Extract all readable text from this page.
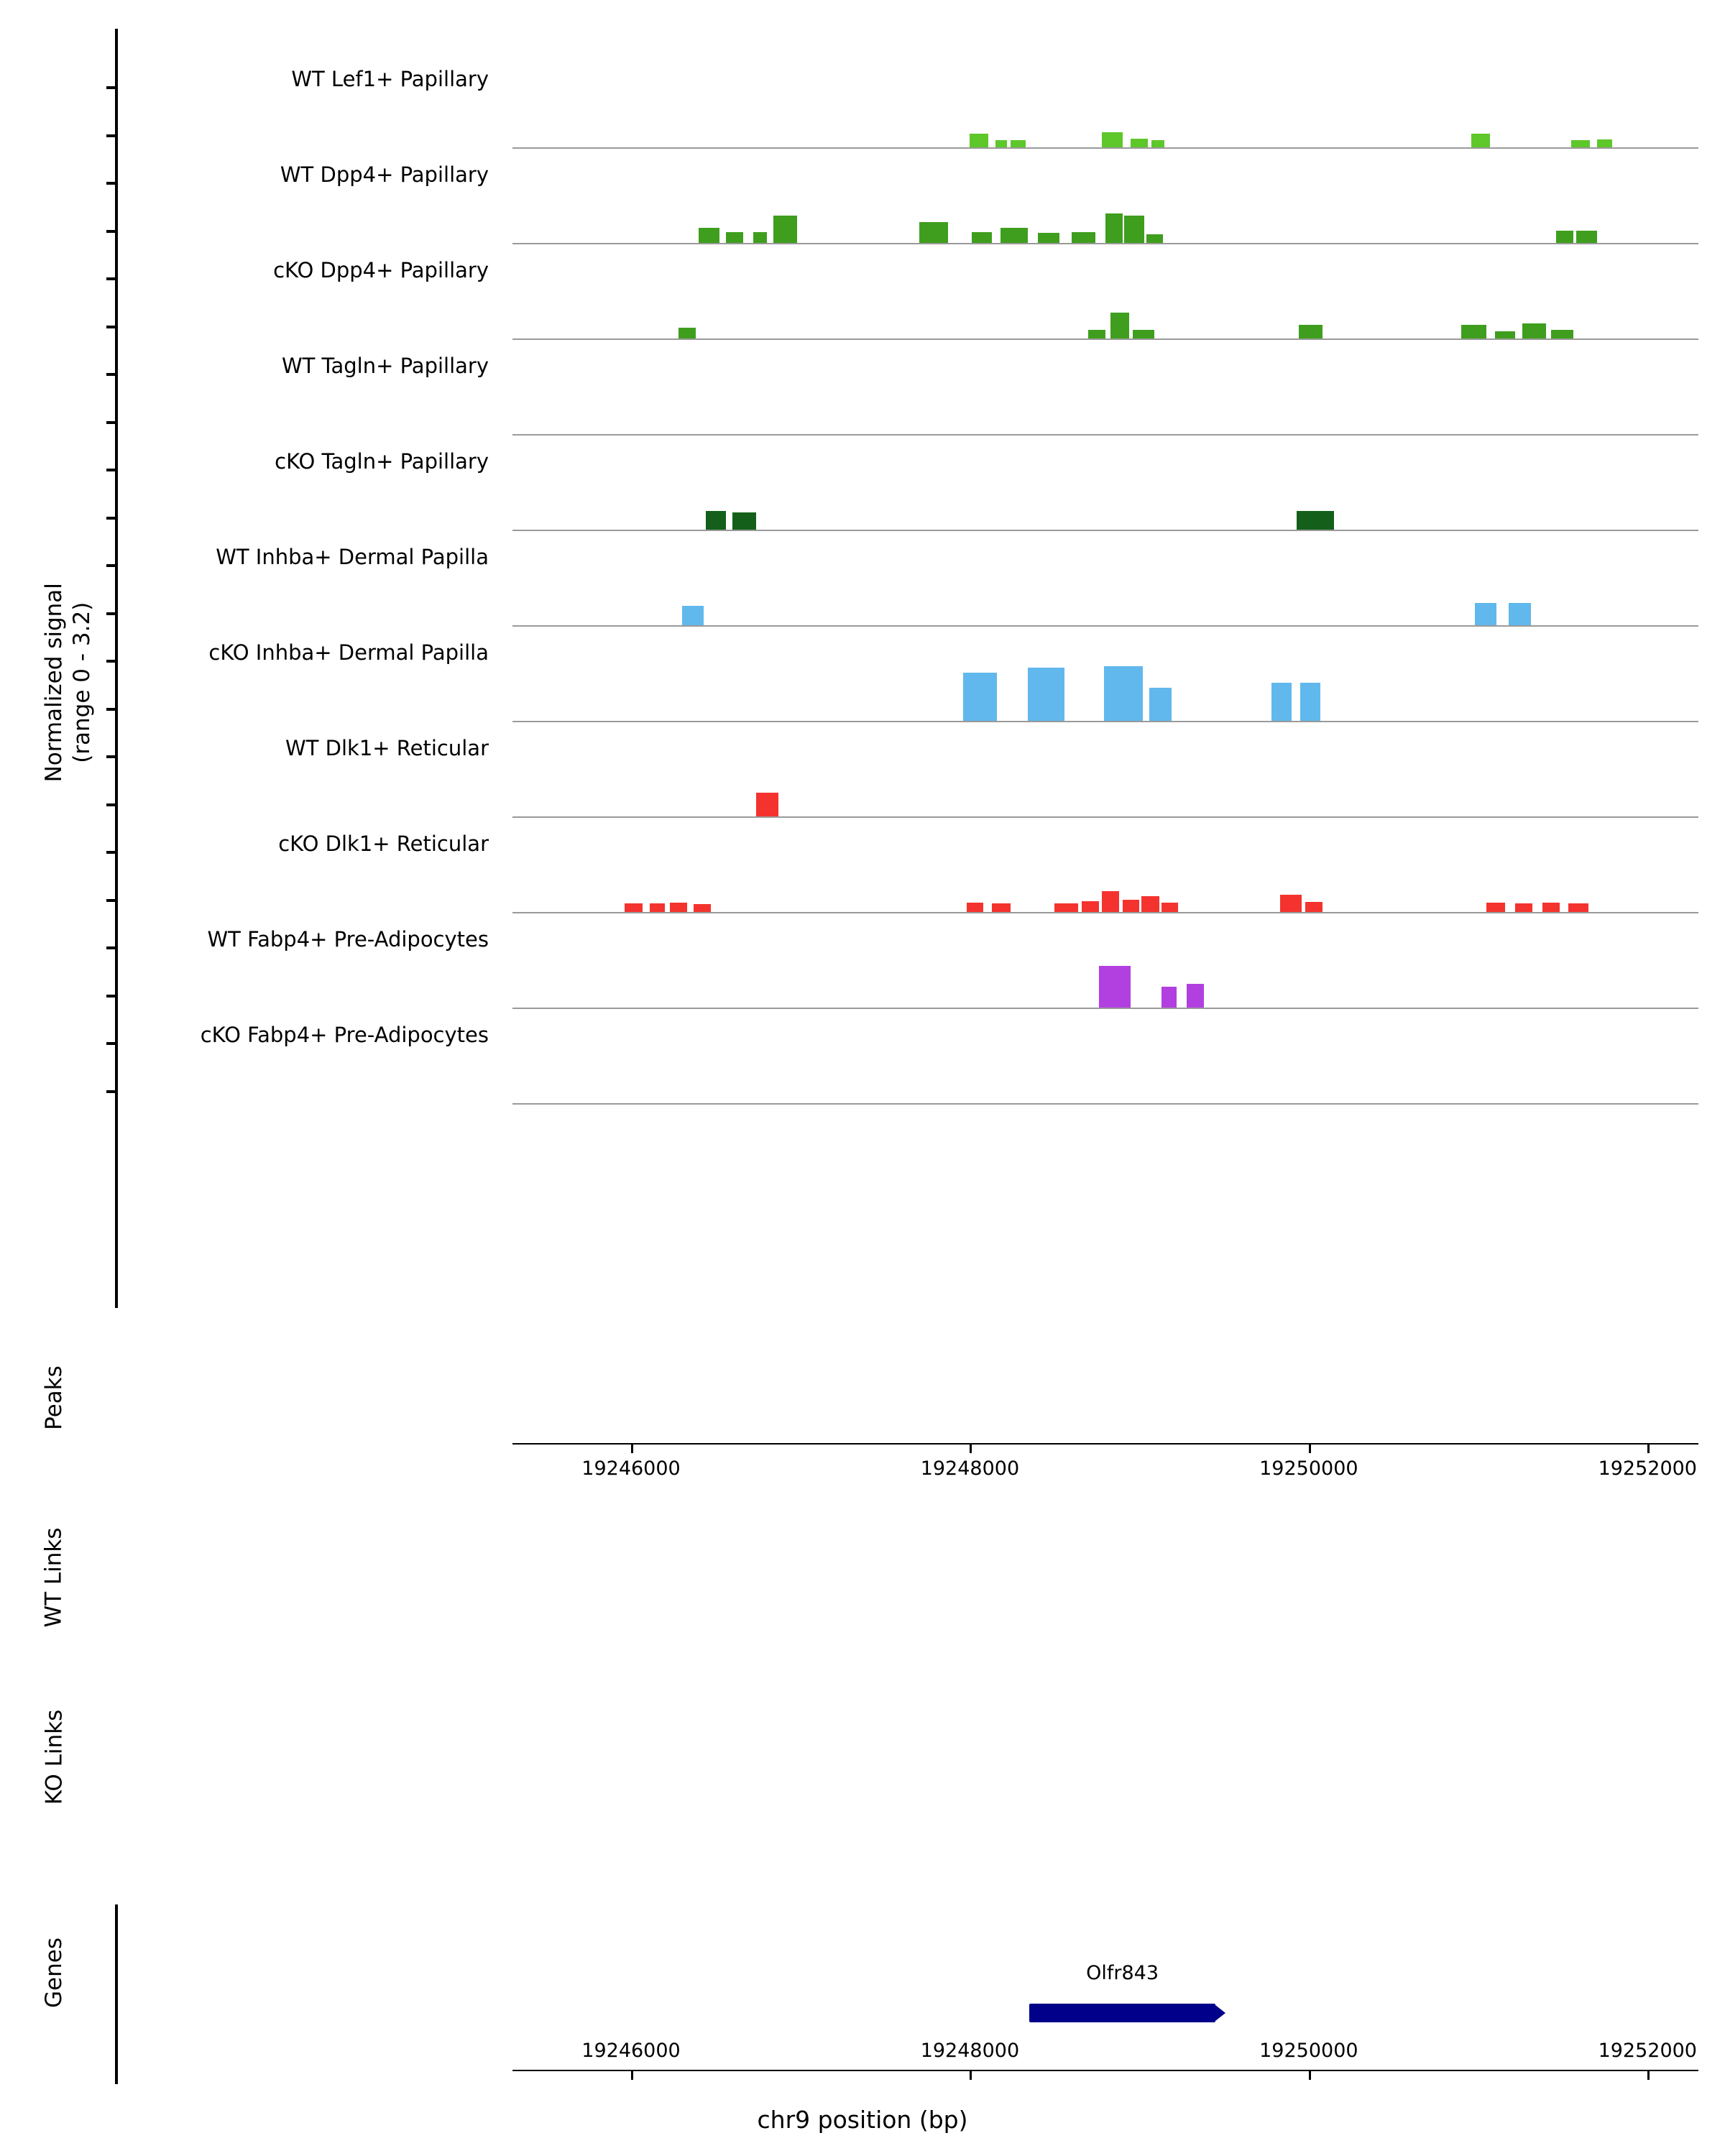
Normalized signal
(range 0 - 3.2)
WT Lef1+ Papillary
WT Dpp4+ Papillary
cKO Dpp4+ Papillary
WT Tagln+ Papillary
cKO Tagln+ Papillary
WT Inhba+ Dermal Papilla
cKO Inhba+ Dermal Papilla
WT Dlk1+ Reticular
cKO Dlk1+ Reticular
WT Fabp4+ Pre-Adipocytes
cKO Fabp4+ Pre-Adipocytes
Peaks
WT Links
KO Links
Genes
19246000	19248000	19250000	19252000
19246000	19248000	19250000	19252000
Olfr843
chr9 position (bp)
